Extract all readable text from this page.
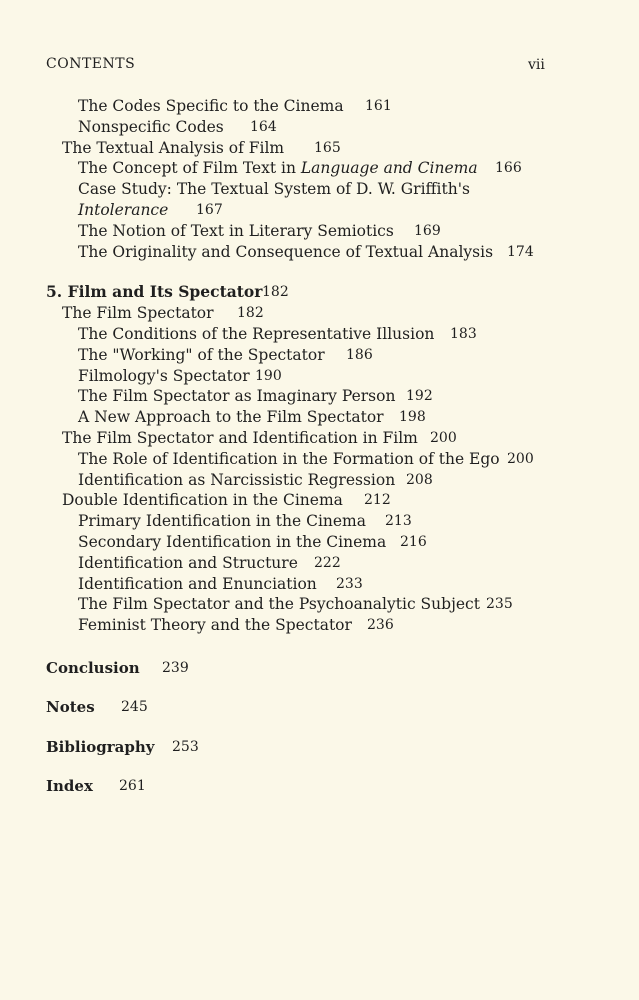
CONTENTS	vii
The Codes Specific to the Cinema 161
Nonspecific Codes 164
The Textual Analysis of Film 165
The Concept of Film Text in Language and Cinema 166
Case Study: The Textual System of D. W. Griffith's
Intolerance 167
The Notion of Text in Literary Semiotics 169
The Originality and Consequence of Textual Analysis 174
5. Film and Its Spectator 182
The Film Spectator 182
The Conditions of the Representative Illusion 183
The "Working" of the Spectator 186
Filmology's Spectator 190
The Film Spectator as Imaginary Person 192
A New Approach to the Film Spectator 198
The Film Spectator and Identification in Film 200
The Role of Identification in the Formation of the Ego 200
Identification as Narcissistic Regression 208
Double Identification in the Cinema 212
Primary Identification in the Cinema 213
Secondary Identification in the Cinema 216
Identification and Structure 222
Identification and Enunciation 233
The Film Spectator and the Psychoanalytic Subject 235
Feminist Theory and the Spectator 236
Conclusion 239
Notes 245
Bibliography 253
Index 261
